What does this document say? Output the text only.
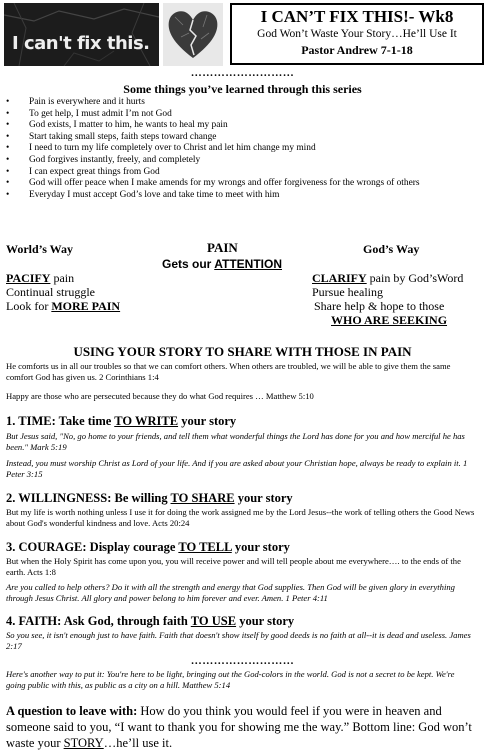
I can't fix this.
I CAN’T FIX THIS!- Wk8
God Won’t Waste Your Story…He’ll Use It
Pastor Andrew 7-1-18
………………………
Some things you’ve learned through this series
• Pain is everywhere and it hurts
• To get help, I must admit I’m not God
• God exists, I matter to him, he wants to heal my pain
• Start taking small steps, faith steps toward change
• I need to turn my life completely over to Christ and let him change my mind
• God forgives instantly, freely, and completely
• I can expect great things from God
• God will offer peace when I make amends for my wrongs and offer forgiveness for the wrongs of others
• Everyday I must accept God’s love and take time to meet with him
World’s Way	PAIN	God’s Way
Gets our ATTENTION
PACIFY pain	CLARIFY pain by God’sWord
Continual struggle	Pursue healing
Look for MORE PAIN	Share help & hope to those
WHO ARE SEEKING
USING YOUR STORY TO SHARE WITH THOSE IN PAIN
He comforts us in all our troubles so that we can comfort others. When others are troubled, we will be able to give them the same comfort God has given us. 2 Corinthians 1:4
Happy are those who are persecuted because they do what God requires … Matthew 5:10
1. TIME: Take time TO WRITE your story
But Jesus said, "No, go home to your friends, and tell them what wonderful things the Lord has done for you and how merciful he has been." Mark 5:19
Instead, you must worship Christ as Lord of your life. And if you are asked about your Christian hope, always be ready to explain it. 1 Peter 3:15
2. WILLINGNESS: Be willing TO SHARE your story
But my life is worth nothing unless I use it for doing the work assigned me by the Lord Jesus--the work of telling others the Good News about God's wonderful kindness and love. Acts 20:24
3. COURAGE: Display courage TO TELL your story
But when the Holy Spirit has come upon you, you will receive power and will tell people about me everywhere…. to the ends of the earth. Acts 1:8
Are you called to help others? Do it with all the strength and energy that God supplies. Then God will be given glory in everything through Jesus Christ. All glory and power belong to him forever and ever. Amen. 1 Peter 4:11
4. FAITH: Ask God, through faith TO USE your story
So you see, it isn't enough just to have faith. Faith that doesn't show itself by good deeds is no faith at all--it is dead and useless. James 2:17
………………………
Here's another way to put it: You're here to be light, bringing out the God-colors in the world. God is not a secret to be kept. We're going public with this, as public as a city on a hill. Matthew 5:14
A question to leave with: How do you think you would feel if you were in heaven and someone said to you, “I want to thank you for showing me the way.” Bottom line: God won’t waste your STORY…he’ll use it.
